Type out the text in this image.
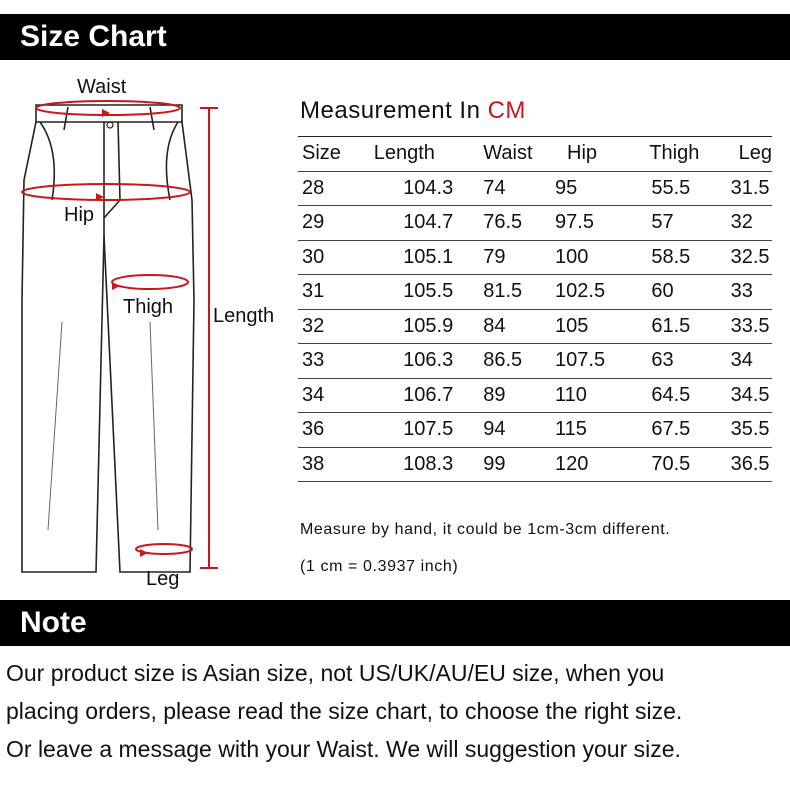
Size Chart
Waist
Hip
Thigh Length
Leg
Measurement In CM
Size	Length	Waist	Hip	Thigh	Leg
28	104.3	74	95	55.5	31.5
29	104.7	76.5	97.5	57	32
30	105.1	79	100	58.5	32.5
31	105.5	81.5	102.5	60	33
32	105.9	84	105	61.5	33.5
33	106.3	86.5	107.5	63	34
34	106.7	89	110	64.5	34.5
36	107.5	94	115	67.5	35.5
38	108.3	99	120	70.5	36.5
Measure by hand, it could be 1cm-3cm different.
(1 cm = 0.3937 inch)
Note
Our product size is Asian size, not US/UK/AU/EU size, when you
placing orders, please read the size chart, to choose the right size.
Or leave a message with your Waist. We will suggestion your size.
